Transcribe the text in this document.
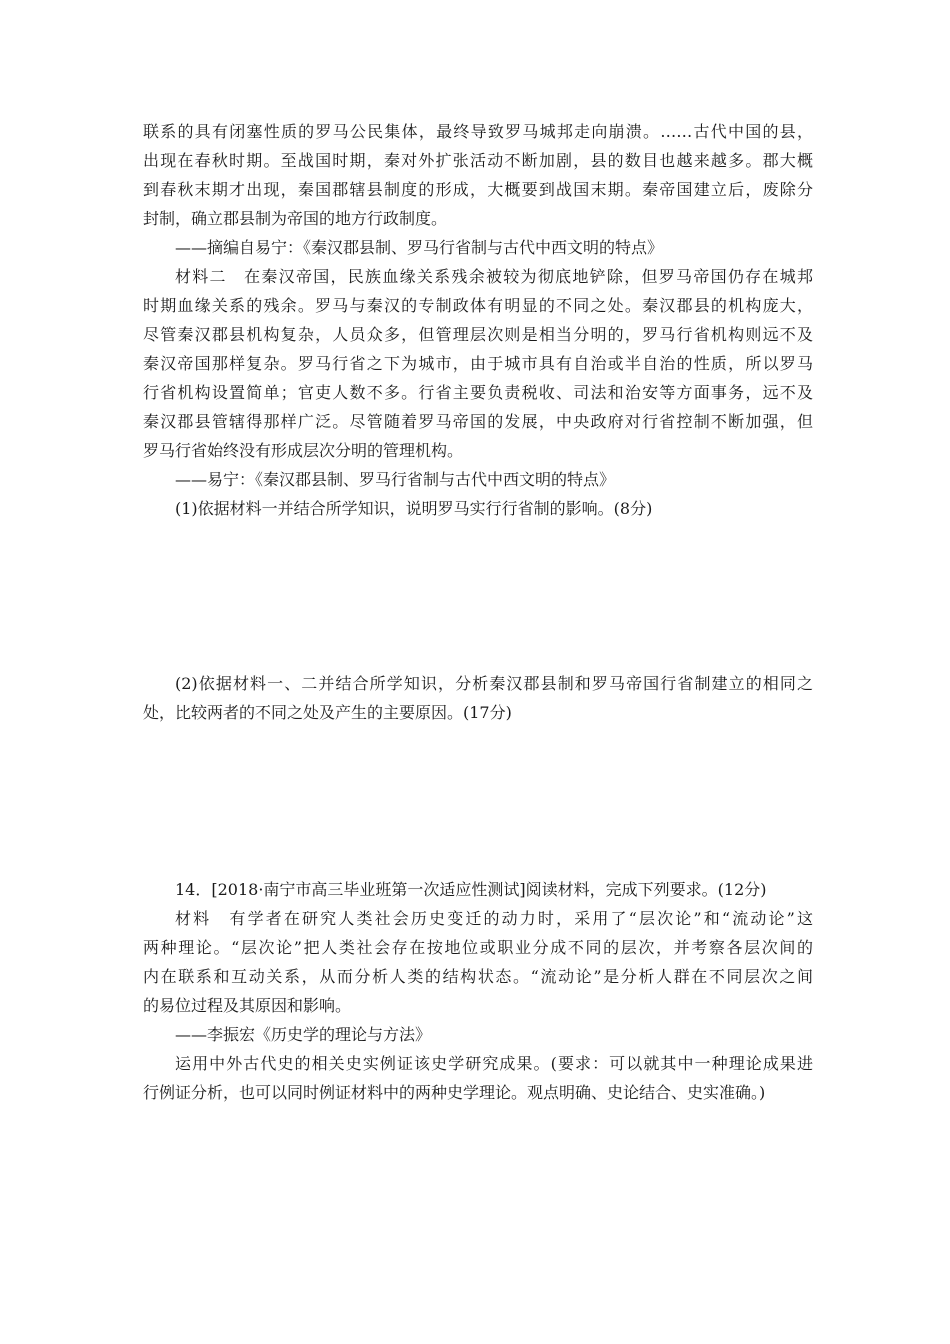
联系的具有闭塞性质的罗马公民集体，最终导致罗马城邦走向崩溃。……古代中国的县，
出现在春秋时期。至战国时期，秦对外扩张活动不断加剧，县的数目也越来越多。郡大概
到春秋末期才出现，秦国郡辖县制度的形成，大概要到战国末期。秦帝国建立后，废除分
封制，确立郡县制为帝国的地方行政制度。
——摘编自易宁：《秦汉郡县制、罗马行省制与古代中西文明的特点》
材料二　在秦汉帝国，民族血缘关系残余被较为彻底地铲除，但罗马帝国仍存在城邦
时期血缘关系的残余。罗马与秦汉的专制政体有明显的不同之处。秦汉郡县的机构庞大，
尽管秦汉郡县机构复杂，人员众多，但管理层次则是相当分明的，罗马行省机构则远不及
秦汉帝国那样复杂。罗马行省之下为城市，由于城市具有自治或半自治的性质，所以罗马
行省机构设置简单；官吏人数不多。行省主要负责税收、司法和治安等方面事务，远不及
秦汉郡县管辖得那样广泛。尽管随着罗马帝国的发展，中央政府对行省控制不断加强，但
罗马行省始终没有形成层次分明的管理机构。
——易宁：《秦汉郡县制、罗马行省制与古代中西文明的特点》
(1)依据材料一并结合所学知识，说明罗马实行行省制的影响。(8分)
(2)依据材料一、二并结合所学知识，分析秦汉郡县制和罗马帝国行省制建立的相同之
处，比较两者的不同之处及产生的主要原因。(17分)
14．[2018·南宁市高三毕业班第一次适应性测试]阅读材料，完成下列要求。(12分)
材料　有学者在研究人类社会历史变迁的动力时，采用了“层次论”和“流动论”这
两种理论。“层次论”把人类社会存在按地位或职业分成不同的层次，并考察各层次间的
内在联系和互动关系，从而分析人类的结构状态。“流动论”是分析人群在不同层次之间
的易位过程及其原因和影响。
——李振宏《历史学的理论与方法》
运用中外古代史的相关史实例证该史学研究成果。(要求：可以就其中一种理论成果进
行例证分析，也可以同时例证材料中的两种史学理论。观点明确、史论结合、史实准确。)
